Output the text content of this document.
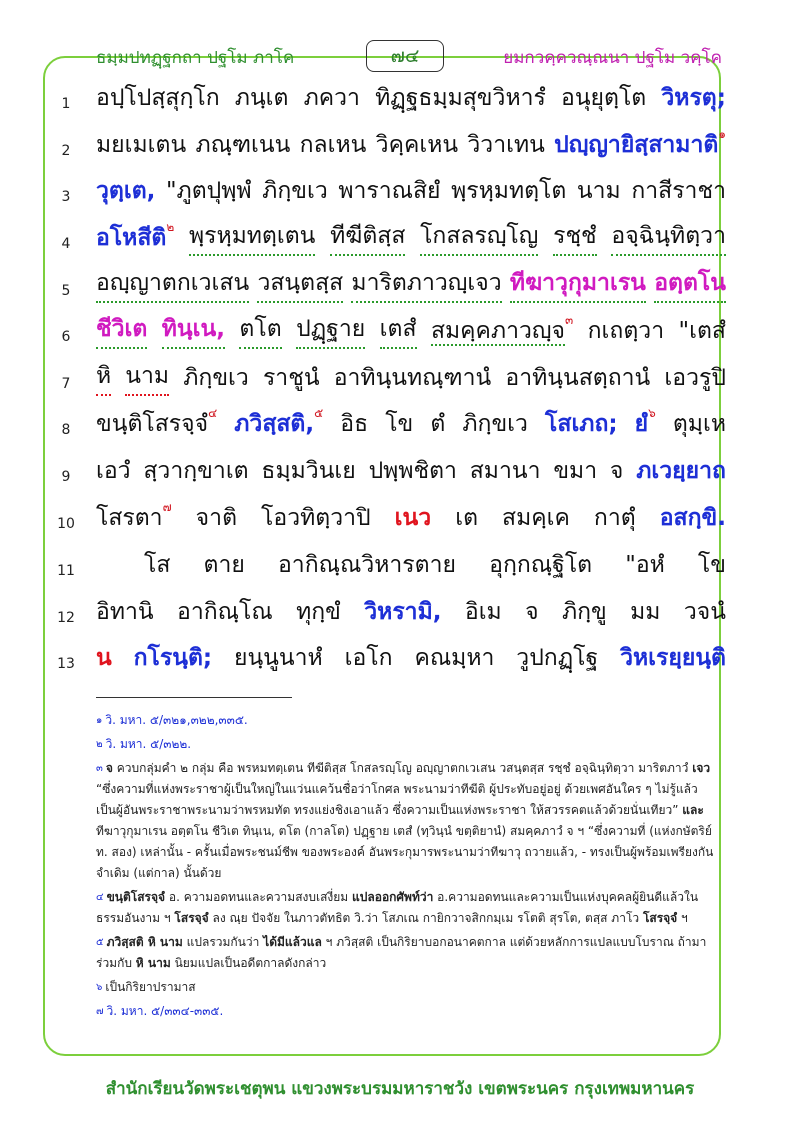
ธมฺมปทฏฺฐกถา ปฐโม ภาโค	๗๔	ยมกวคฺควณฺณนา ปฐโม วคฺโค
1	อปฺโปสฺสุกฺโก ภนฺเต ภควา ทิฏฺฐธมฺมสุขวิหารํ อนุยุตฺโต วิหรตุ;
2	มยเมเตน ภณฺฑเนน กลเหน วิคฺคเหน วิวาเทน ปญฺญายิสฺสามาติ$^๑$
3	วุตฺเต, "ภูตปุพฺพํ ภิกฺขเว พาราณสิยํ พฺรหฺมทตฺโต นาม กาสีราชา
4	อโหสีติ$^๒$ พฺรหฺมทตฺเตน ทีฆีติสฺส โกสลรญฺโญ รชฺชํ อจฺฉินฺทิตฺวา
5	อญฺญาตกเวเสน วสนฺตสฺส มาริตภาวญฺเจว ทีฆาวุกุมาเรน อตฺตโน
6	ชีวิเต ทินฺเน, ตโต ปฏฺฐาย เตสํ สมคฺคภาวญฺจ$^๓$ กเถตฺวา "เตสํ
7	หิ นาม ภิกฺขเว ราชูนํ อาทินฺนทณฺฑานํ อาทินฺนสตฺถานํ เอวรูปิ
8	ขนฺติโสรจฺจํ$^๔$ ภวิสฺสติ,$^๕$ อิธ โข ตํ ภิกฺขเว โสเภถ; ยํ$^๖$ ตุมฺเห
9	เอวํ สฺวากฺขาเต ธมฺมวินเย ปพฺพชิตา สมานา ขมา จ ภเวยฺยาถ
10 โสรตา$^๗$ จาติ โอวทิตฺวาปิ เนว เต สมคฺเค กาตุํ อสกฺขิ.
11	โส ตาย อากิณฺณวิหารตาย อุกฺกณฺฐิโต "อหํ โข
12 อิทานิ อากิณฺโณ ทุกฺขํ วิหรามิ, อิเม จ ภิกฺขู มม วจนํ
13 น กโรนฺติ; ยนฺนูนาหํ เอโก คณมฺหา วูปกฏฺโฐ วิหเรยฺยนฺติ
$^๑$ วิ. มหา. ๕/๓๒๑,๓๒๒,๓๓๕.
$^๒$ วิ. มหา. ๕/๓๒๒.
$^๓$ จ ควบกลุ่มคำ ๒ กลุ่ม คือ พรหมทตฺเตน ทีฆีติสฺส โกสลรญฺโญ อญฺญาตกเวเสน วสนฺตสฺส รชฺชํ อจฺฉินฺทิตฺวา มาริตภาวํ เจว “ซึ่งความที่แห่งพระราชาผู้เป็นใหญ่ในแว่นแคว้นชื่อว่าโกศล พระนามว่าทีฆีติ ผู้ประทับอยู่อยู่ ด้วยเพศอันใคร ๆ ไม่รู้แล้ว เป็นผู้อันพระราชาพระนามว่าพรหมทัต ทรงแย่งชิงเอาแล้ว ซึ่งความเป็นแห่งพระราชา ให้สวรรคตแล้วด้วยนั่นเทียว” และ ทีฆาวุกุมาเรน อตฺตโน ชีวิเต ทินฺเน, ตโต (กาลโต) ปฏฺฐาย เตสํ (ทฺวินฺนํ ขตฺติยานํ) สมคฺคภาวํ จ ฯ “ซึ่งความที่ (แห่งกษัตริย์ ท. สอง) เหล่านั้น - ครั้นเมื่อพระชนม์ชีพ ของพระองค์ อันพระกุมารพระนามว่าทีฆาวุ ถวายแล้ว, - ทรงเป็นผู้พร้อมเพรียงกัน จำเดิม (แต่กาล) นั้นด้วย
$^๔$ ขนฺติโสรจฺจํ อ. ความอดทนและความสงบเสงี่ยม แปลออกศัพท์ว่า อ.ความอดทนและความเป็นแห่งบุคคลผู้ยินดีแล้วในธรรมอันงาม ฯ โสรจฺจํ ลง ณฺย ปัจจัย ในภาวตัทธิต วิ.ว่า โสภเณ กายิกวาจสิกกมฺเม รโตติ สุรโต, ตสฺส ภาโว โสรจฺจํ ฯ
$^๕$ ภวิสฺสติ หิ นาม แปลรวมกันว่า ได้มีแล้วแล ฯ ภวิสฺสติ เป็นกิริยาบอกอนาคตกาล แต่ด้วยหลักการแปลแบบโบราณ ถ้ามาร่วมกับ หิ นาม นิยมแปลเป็นอดีตกาลดังกล่าว
$^๖$ เป็นกิริยาปรามาส
$^๗$ วิ. มหา. ๕/๓๓๔-๓๓๕.
สำนักเรียนวัดพระเชตุพน แขวงพระบรมมหาราชวัง เขตพระนคร กรุงเทพมหานคร
